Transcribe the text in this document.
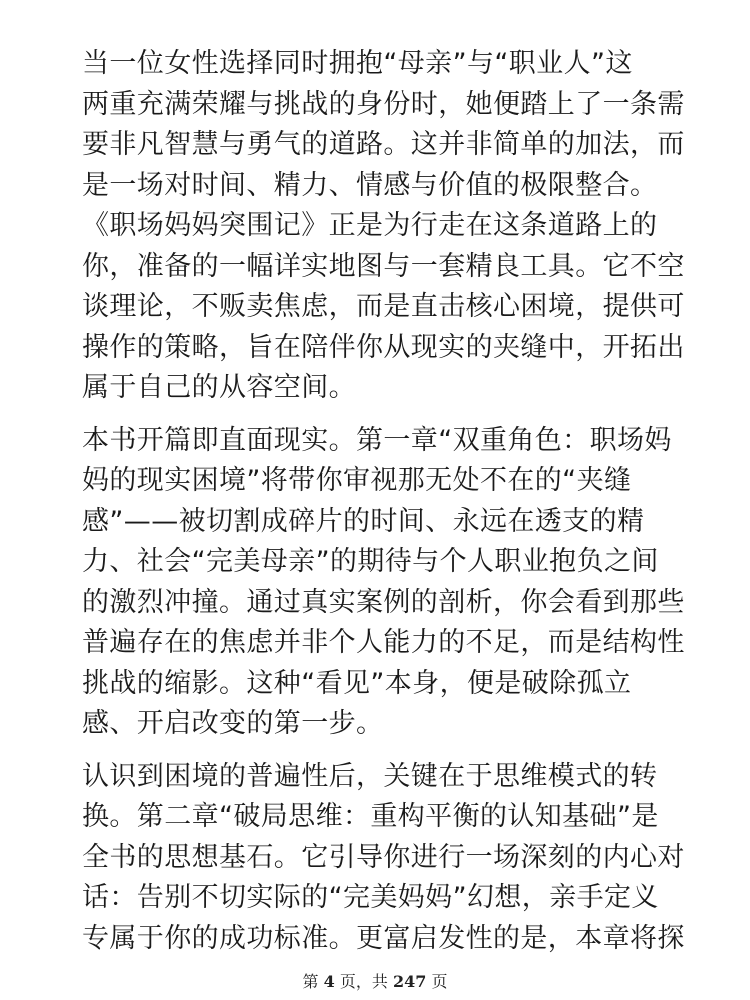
当一位女性选择同时拥抱“母亲”与“职业人”这
两重充满荣耀与挑战的身份时，她便踏上了一条需
要非凡智慧与勇气的道路。这并非简单的加法，而
是一场对时间、精力、情感与价值的极限整合。
《职场妈妈突围记》正是为行走在这条道路上的
你，准备的一幅详实地图与一套精良工具。它不空
谈理论，不贩卖焦虑，而是直击核心困境，提供可
操作的策略，旨在陪伴你从现实的夹缝中，开拓出
属于自己的从容空间。

本书开篇即直面现实。第一章“双重角色：职场妈
妈的现实困境”将带你审视那无处不在的“夹缝
感”——被切割成碎片的时间、永远在透支的精
力、社会“完美母亲”的期待与个人职业抱负之间
的激烈冲撞。通过真实案例的剖析，你会看到那些
普遍存在的焦虑并非个人能力的不足，而是结构性
挑战的缩影。这种“看见”本身，便是破除孤立
感、开启改变的第一步。

认识到困境的普遍性后，关键在于思维模式的转
换。第二章“破局思维：重构平衡的认知基础”是
全书的思想基石。它引导你进行一场深刻的内心对
话：告别不切实际的“完美妈妈”幻想，亲手定义
专属于你的成功标准。更富启发性的是，本章将探

第 4 页，共 247 页
